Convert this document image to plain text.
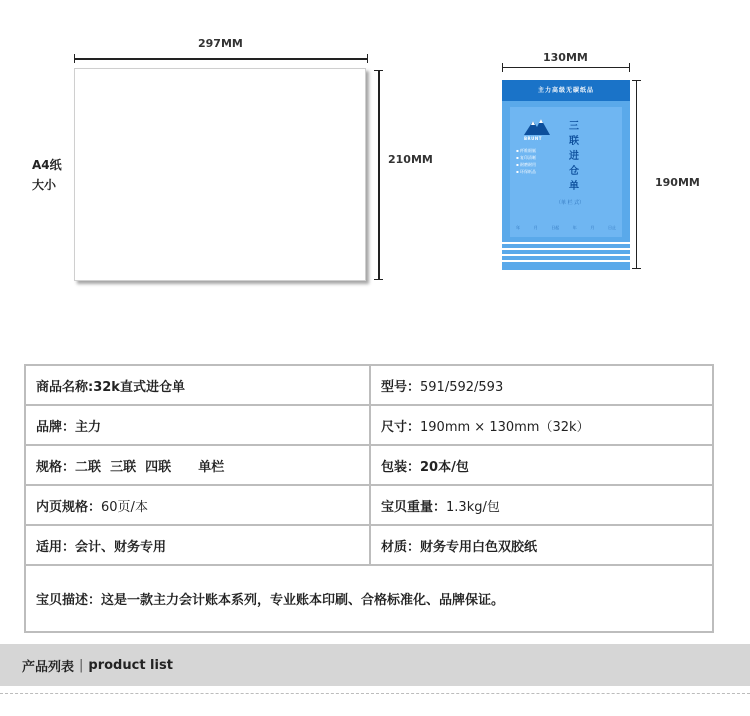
297MM
210MM
A4纸
大小
130MM
主力高级无碳纸品
BRUNT
▪ 纤维细腻
▪ 复印清晰
▪ 耐磨耐用
▪ 环保纸品
三
联
进
仓
单
（单 栏 式）
年	月	日起	年	月	日止
190MM
商品名称:32k直式进仓单	型号：591/592/593
品牌：主力	尺寸：190mm × 130mm（32k）
规格：二联  三联  四联      单栏	包装：20本/包
内页规格：60页/本	宝贝重量：1.3kg/包
适用：会计、财务专用	材质：财务专用白色双胶纸
宝贝描述：这是一款主力会计账本系列，专业账本印刷、合格标准化、品牌保证。	
产品列表 | product list
